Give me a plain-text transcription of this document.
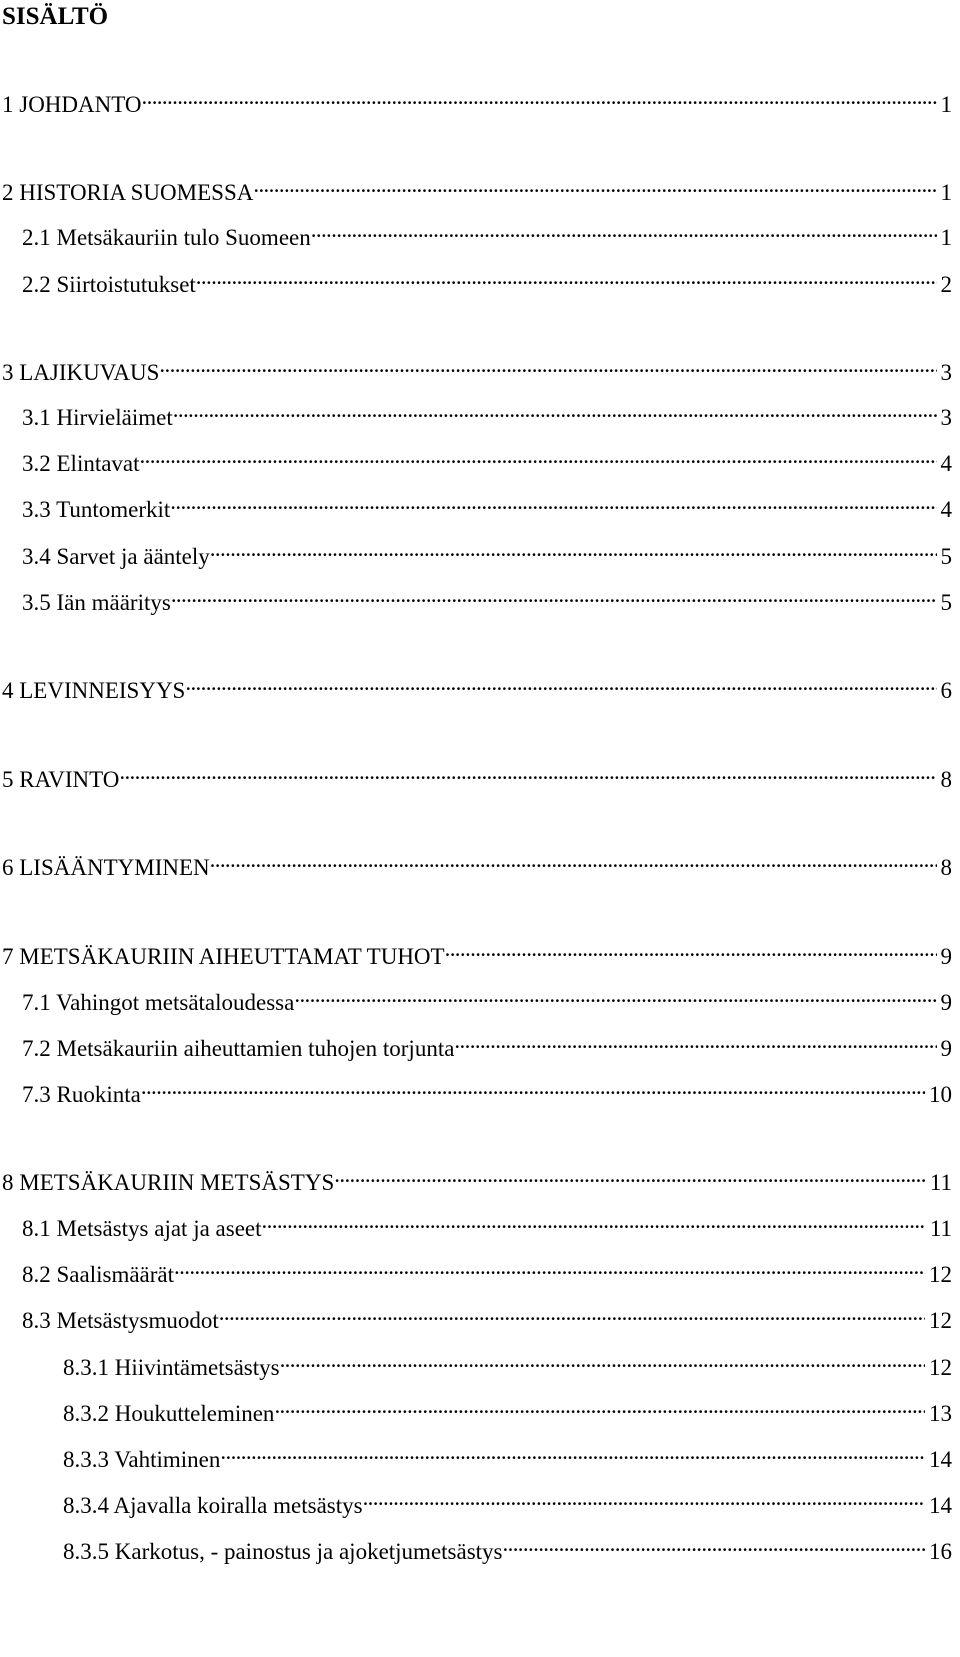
SISÄLTÖ
1 JOHDANTO . . .	1
2 HISTORIA SUOMESSA . . .	1
2.1 Metsäkauriin tulo Suomeen . . .	1
2.2 Siirtoistutukset . . .	2
3 LAJIKUVAUS . . .	3
3.1 Hirvieläimet . . .	3
3.2 Elintavat . . .	4
3.3 Tuntomerkit . . .	4
3.4 Sarvet ja ääntely . . .	5
3.5 Iän määritys . . .	5
4 LEVINNEISYYS . . .	6
5 RAVINTO . . .	8
6 LISÄÄNTYMINEN . . .	8
7 METSÄKAURIIN AIHEUTTAMAT TUHOT . . .	9
7.1 Vahingot metsätaloudessa . . .	9
7.2 Metsäkauriin aiheuttamien tuhojen torjunta . . .	9
7.3 Ruokinta . . .	10
8 METSÄKAURIIN METSÄSTYS . . .	11
8.1 Metsästys ajat ja aseet . . .	11
8.2 Saalismäärät . . .	12
8.3 Metsästysmuodot . . .	12
8.3.1 Hiivintämetsästys . . .	12
8.3.2 Houkutteleminen . . .	13
8.3.3 Vahtiminen . . .	14
8.3.4 Ajavalla koiralla metsästys . . .	14
8.3.5 Karkotus, - painostus ja ajoketjumetsästys . . .	16
